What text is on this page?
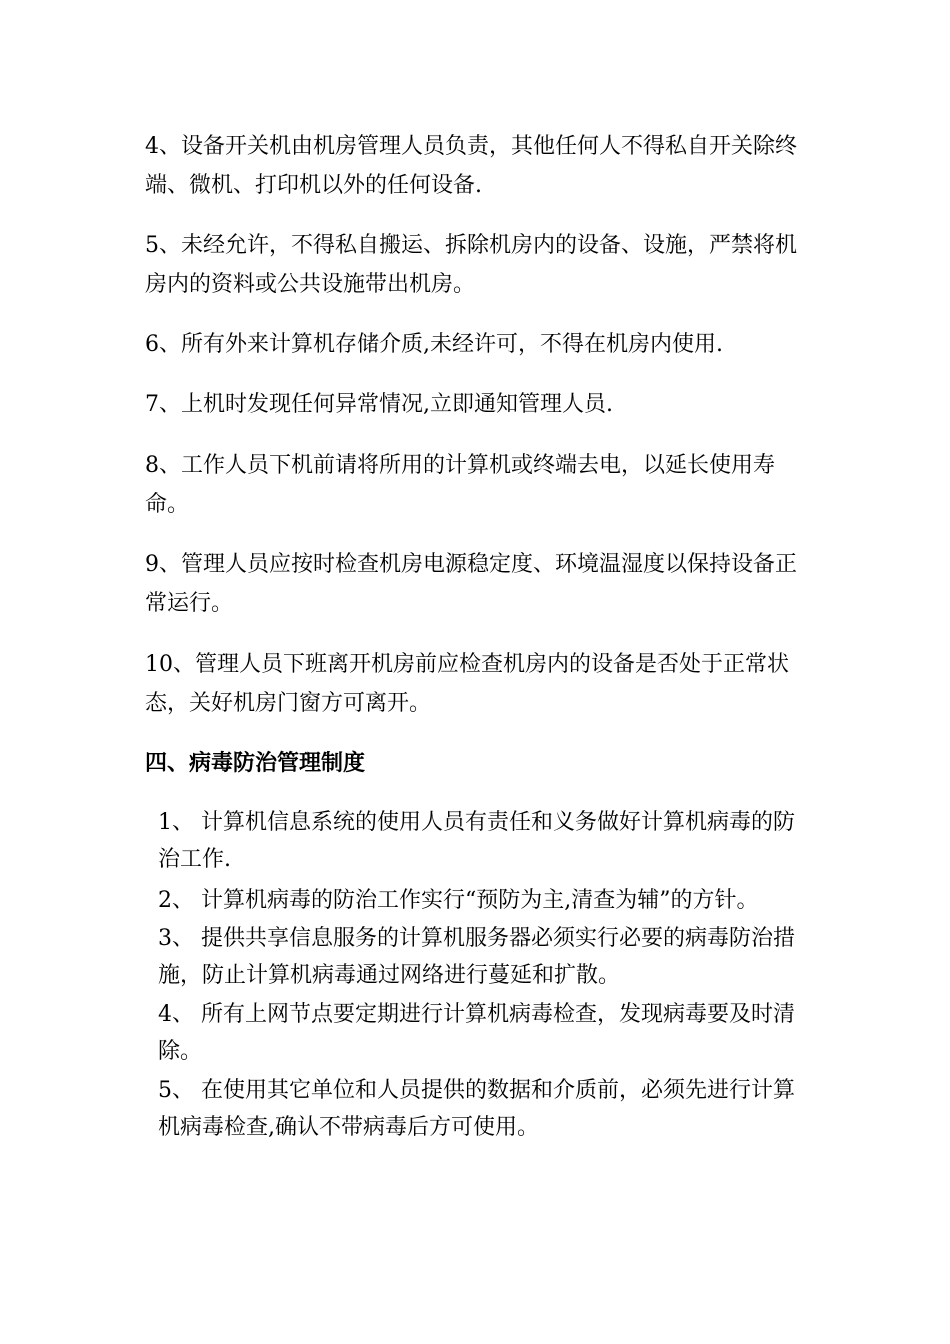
4、设备开关机由机房管理人员负责，其他任何人不得私自开关除终端、微机、打印机以外的任何设备.

5、未经允许，不得私自搬运、拆除机房内的设备、设施，严禁将机房内的资料或公共设施带出机房。

6、所有外来计算机存储介质,未经许可，不得在机房内使用.

7、上机时发现任何异常情况,立即通知管理人员.

8、工作人员下机前请将所用的计算机或终端去电，以延长使用寿命。

9、管理人员应按时检查机房电源稳定度、环境温湿度以保持设备正常运行。

10、管理人员下班离开机房前应检查机房内的设备是否处于正常状态，关好机房门窗方可离开。

四、病毒防治管理制度

1、 计算机信息系统的使用人员有责任和义务做好计算机病毒的防治工作.

2、 计算机病毒的防治工作实行“预防为主,清查为辅”的方针。

3、 提供共享信息服务的计算机服务器必须实行必要的病毒防治措施，防止计算机病毒通过网络进行蔓延和扩散。

4、 所有上网节点要定期进行计算机病毒检查，发现病毒要及时清除。

5、 在使用其它单位和人员提供的数据和介质前，必须先进行计算机病毒检查,确认不带病毒后方可使用。
